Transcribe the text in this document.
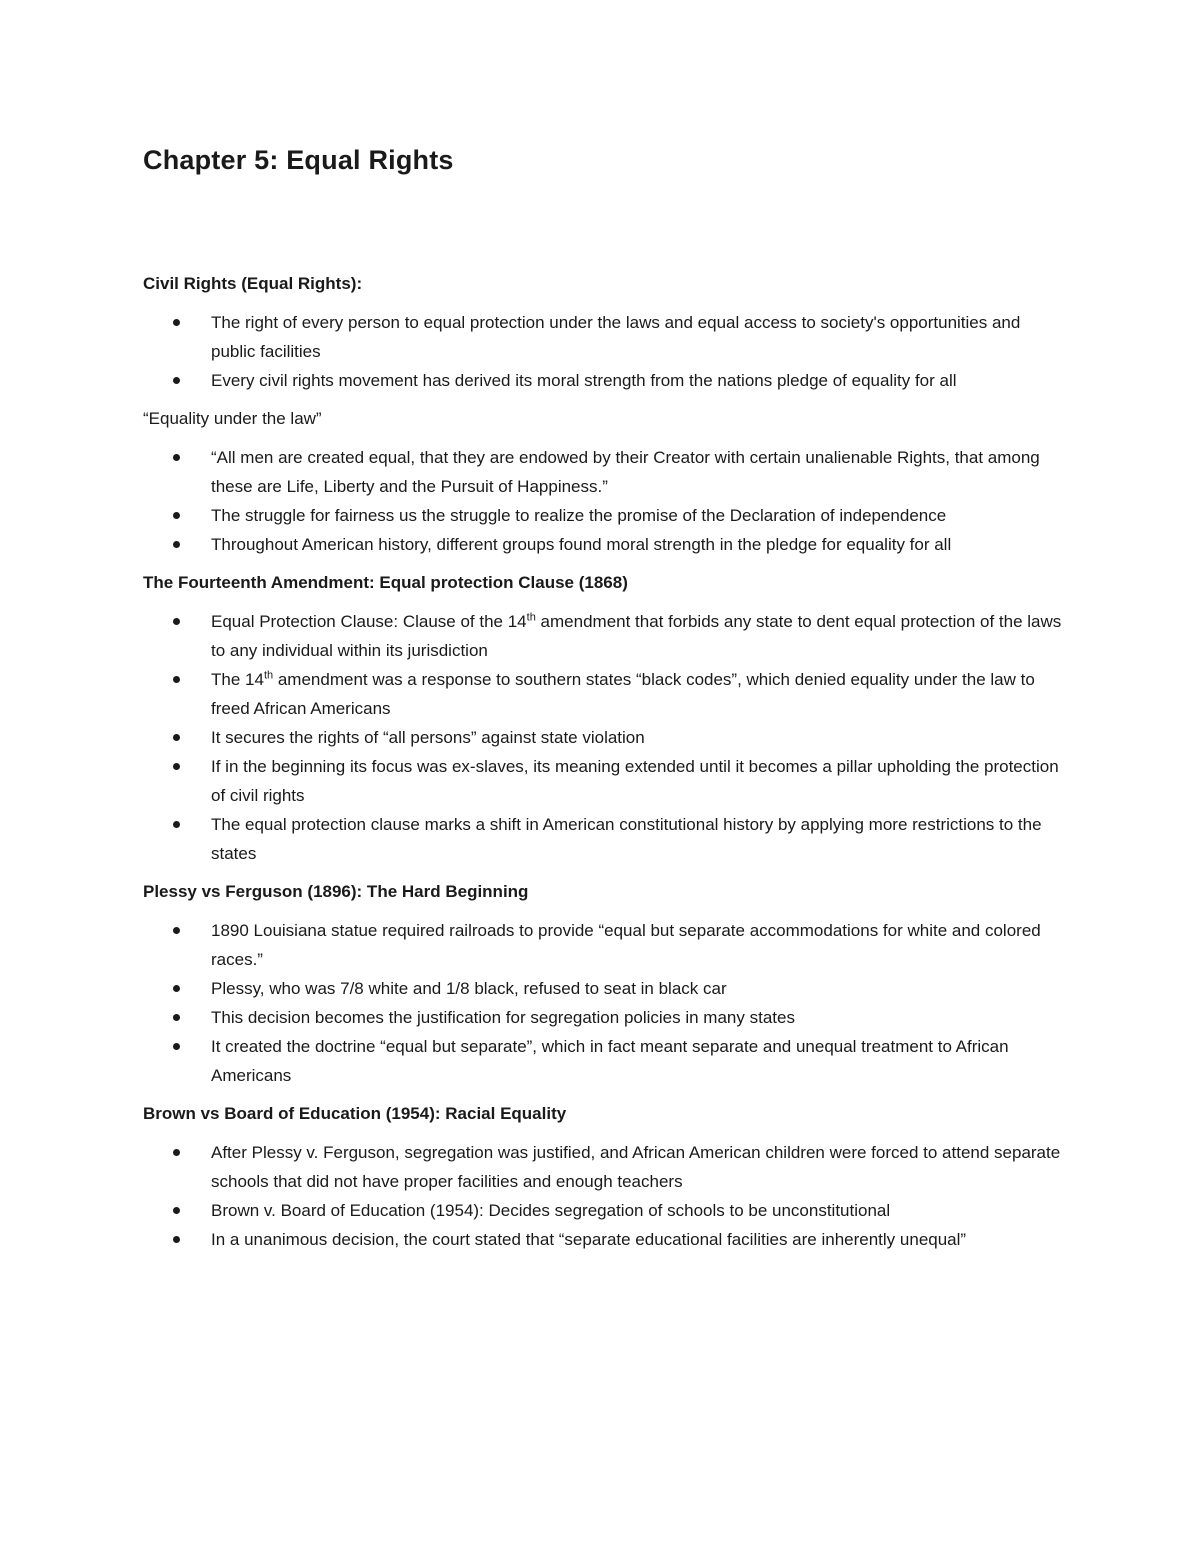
Chapter 5: Equal Rights
Civil Rights (Equal Rights):
The right of every person to equal protection under the laws and equal access to society's opportunities and public facilities
Every civil rights movement has derived its moral strength from the nations pledge of equality for all
“Equality under the law”
“All men are created equal, that they are endowed by their Creator with certain unalienable Rights, that among these are Life, Liberty and the Pursuit of Happiness.”
The struggle for fairness us the struggle to realize the promise of the Declaration of independence
Throughout American history, different groups found moral strength in the pledge for equality for all
The Fourteenth Amendment: Equal protection Clause (1868)
Equal Protection Clause: Clause of the 14th amendment that forbids any state to dent equal protection of the laws to any individual within its jurisdiction
The 14th amendment was a response to southern states “black codes”, which denied equality under the law to freed African Americans
It secures the rights of “all persons” against state violation
If in the beginning its focus was ex-slaves, its meaning extended until it becomes a pillar upholding the protection of civil rights
The equal protection clause marks a shift in American constitutional history by applying more restrictions to the states
Plessy vs Ferguson (1896): The Hard Beginning
1890 Louisiana statue required railroads to provide “equal but separate accommodations for white and colored races.”
Plessy, who was 7/8 white and 1/8 black, refused to seat in black car
This decision becomes the justification for segregation policies in many states
It created the doctrine “equal but separate”, which in fact meant separate and unequal treatment to African Americans
Brown vs Board of Education (1954): Racial Equality
After Plessy v. Ferguson, segregation was justified, and African American children were forced to attend separate schools that did not have proper facilities and enough teachers
Brown v. Board of Education (1954): Decides segregation of schools to be unconstitutional
In a unanimous decision, the court stated that “separate educational facilities are inherently unequal”
